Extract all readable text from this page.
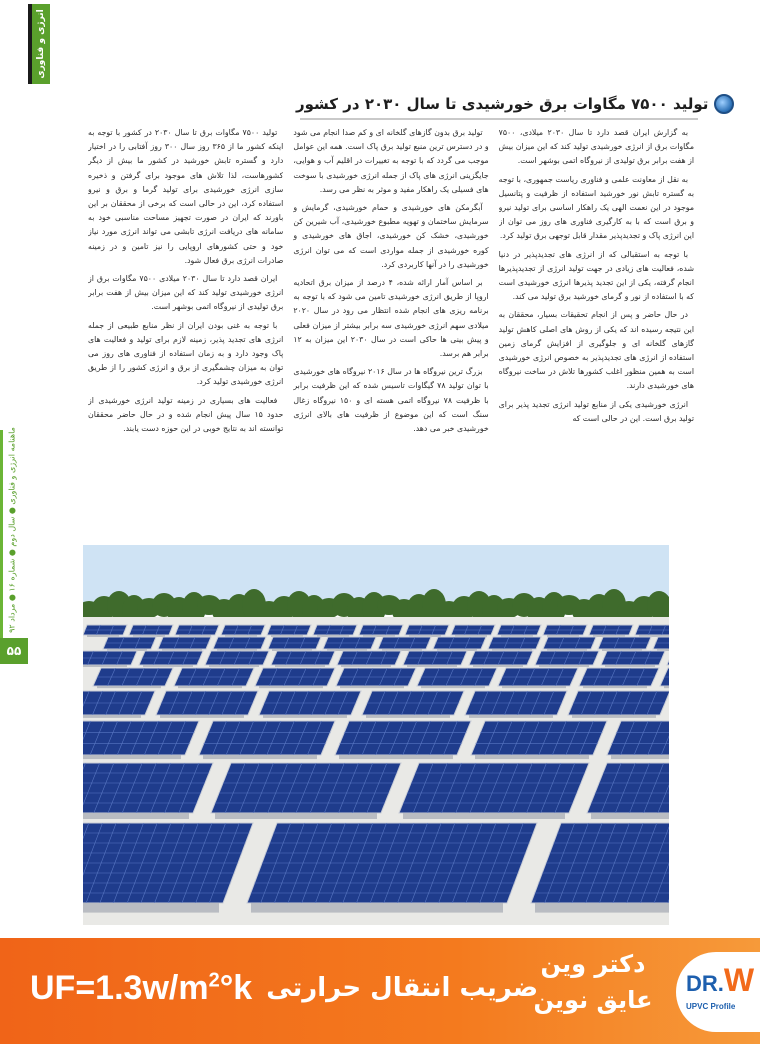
انرژی و فناوری
ماهنامه انرژی و فناوری ● سال دوم ● شماره ۱۶ ● مرداد ۹۲
۵۵
تولید ۷۵۰۰ مگاوات برق خورشیدی تا سال ۲۰۳۰ در کشور

به گزارش ایران قصد دارد تا سال ۲۰۳۰ میلادی، ۷۵۰۰ مگاوات برق از انرژی خورشیدی تولید کند که این میزان بیش از هفت برابر برق تولیدی از نیروگاه اتمی بوشهر است.

به نقل از معاونت علمی و فناوری ریاست جمهوری، با توجه به گستره تابش نور خورشید استفاده از ظرفیت و پتانسیل موجود در این نعمت الهی یک راهکار اساسی برای تولید نیرو و برق است که با به کارگیری فناوری های روز می توان از این انرژی پاک و تجدیدپذیر مقدار قابل توجهی برق تولید کرد.

با توجه به استقبالی که از انرژی های تجدیدپذیر در دنیا شده، فعالیت های زیادی در جهت تولید انرژی از تجدیدپذیرها انجام گرفته، یکی از این تجدید پذیرها انرژی خورشیدی است که با استفاده از نور و گرمای خورشید برق تولید می کند.

در حال حاضر و پس از انجام تحقیقات بسیار، محققان به این نتیجه رسیده اند که یکی از روش های اصلی کاهش تولید گازهای گلخانه ای و جلوگیری از افزایش گرمای زمین استفاده از انرژی های تجدیدپذیر به خصوص انرژی خورشیدی است به همین منظور اغلب کشورها تلاش در ساخت نیروگاه های خورشیدی دارند.

انرژی خورشیدی یکی از منابع تولید انرژی تجدید پذیر برای تولید برق است. این در حالی است که

تولید برق بدون گازهای گلخانه ای و کم صدا انجام می شود و در دسترس ترین منبع تولید برق پاک است. همه این عوامل موجب می گردد که با توجه به تغییرات در اقلیم آب و هوایی، جایگزینی انرژی های پاک از جمله انرژی خورشیدی با سوخت های فسیلی یک راهکار مفید و موثر به نظر می رسد.

آبگرمکن های خورشیدی و حمام خورشیدی، گرمایش و سرمایش ساختمان و تهویه مطبوع خورشیدی، آب شیرین کن خورشیدی، خشک کن خورشیدی، اجاق های خورشیدی و کوره خورشیدی از جمله مواردی است که می توان انرژی خورشیدی را در آنها کاربردی کرد.

بر اساس آمار ارائه شده، ۴ درصد از میزان برق اتحادیه اروپا از طریق انرژی خورشیدی تامین می شود که با توجه به برنامه ریزی های انجام شده انتظار می رود در سال ۲۰۲۰ میلادی سهم انرژی خورشیدی سه برابر بیشتر از میزان فعلی و پیش بینی ها حاکی است در سال ۲۰۳۰ این میزان به ۱۲ برابر هم برسد.

بزرگ ترین نیروگاه ها در سال ۲۰۱۶ نیروگاه های خورشیدی با توان تولید ۷۸ گیگاوات تاسیس شده که این ظرفیت برابر با ظرفیت ۷۸ نیروگاه اتمی هسته ای و ۱۵۰ نیروگاه زغال سنگ است که این موضوع از ظرفیت های بالای انرژی خورشیدی خبر می دهد.

تولید ۷۵۰۰ مگاوات برق تا سال ۲۰۳۰ در کشور با توجه به اینکه کشور ما از ۳۶۵ روز سال ۳۰۰ روز آفتابی را در اختیار دارد و گستره تابش خورشید در کشور ما بیش از دیگر کشورهاست، لذا تلاش های موجود برای گرفتن و ذخیره سازی انرژی خورشیدی برای تولید گرما و برق و نیرو استفاده کرد، این در حالی است که برخی از محققان بر این باورند که ایران در صورت تجهیز مساحت مناسبی خود به سامانه های دریافت انرژی تابشی می تواند انرژی مورد نیاز خود و حتی کشورهای اروپایی را نیز تامین و در زمینه صادرات انرژی برق فعال شود.

ایران قصد دارد تا سال ۲۰۳۰ میلادی ۷۵۰۰ مگاوات برق از انرژی خورشیدی تولید کند که این میزان بیش از هفت برابر برق تولیدی از نیروگاه اتمی بوشهر است.

با توجه به غنی بودن ایران از نظر منابع طبیعی از جمله انرژی های تجدید پذیر، زمینه لازم برای تولید و فعالیت های پاک وجود دارد و به زمان استفاده از فناوری های روز می توان به میزان چشمگیری از برق و انرژی کشور را از طریق انرژی خورشیدی تولید کرد.

فعالیت های بسیاری در زمینه تولید انرژی خورشیدی از حدود ۱۵ سال پیش انجام شده و در حال حاضر محققان توانسته اند به نتایج خوبی در این حوزه دست یابند.

$UF=1.3w/m^2^\circ k$ ضریب انتقال حرارتی
دکتر وین
عایق نوین
DR.W
UPVC Profile
